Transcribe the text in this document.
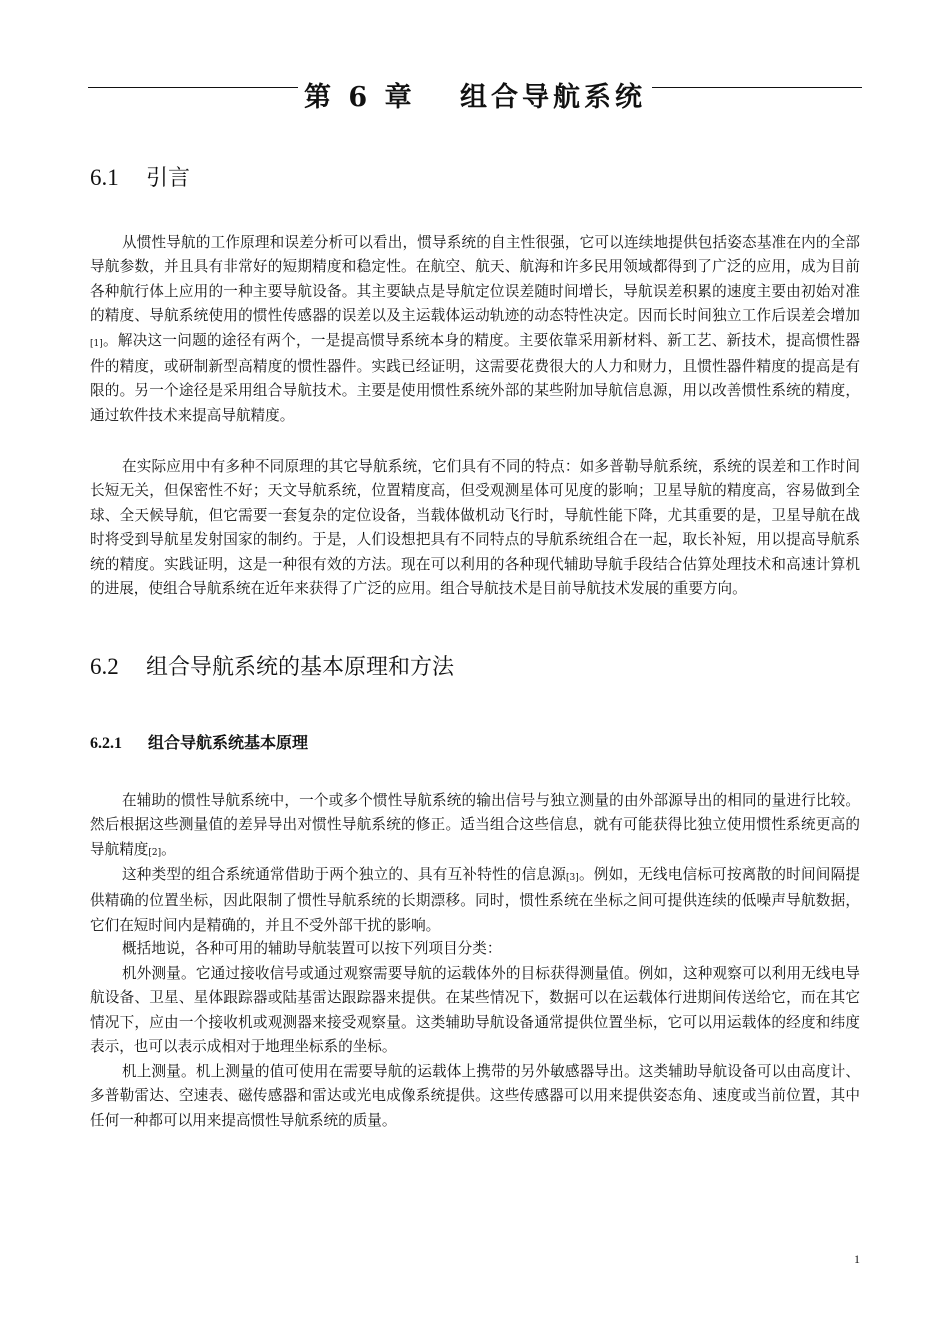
第 6 章　 组合导航系统
6.1 引言

从惯性导航的工作原理和误差分析可以看出，惯导系统的自主性很强，它可以连续地提供包括姿态基准在内的全部导航参数，并且具有非常好的短期精度和稳定性。在航空、航天、航海和许多民用领域都得到了广泛的应用，成为目前各种航行体上应用的一种主要导航设备。其主要缺点是导航定位误差随时间增长，导航误差积累的速度主要由初始对准的精度、导航系统使用的惯性传感器的误差以及主运载体运动轨迹的动态特性决定。因而长时间独立工作后误差会增加[1]。解决这一问题的途径有两个，一是提高惯导系统本身的精度。主要依靠采用新材料、新工艺、新技术，提高惯性器件的精度，或研制新型高精度的惯性器件。实践已经证明，这需要花费很大的人力和财力，且惯性器件精度的提高是有限的。另一个途径是采用组合导航技术。主要是使用惯性系统外部的某些附加导航信息源，用以改善惯性系统的精度，通过软件技术来提高导航精度。

在实际应用中有多种不同原理的其它导航系统，它们具有不同的特点：如多普勒导航系统，系统的误差和工作时间长短无关，但保密性不好；天文导航系统，位置精度高，但受观测星体可见度的影响；卫星导航的精度高，容易做到全球、全天候导航，但它需要一套复杂的定位设备，当载体做机动飞行时，导航性能下降，尤其重要的是，卫星导航在战时将受到导航星发射国家的制约。于是，人们设想把具有不同特点的导航系统组合在一起，取长补短，用以提高导航系统的精度。实践证明，这是一种很有效的方法。现在可以利用的各种现代辅助导航手段结合估算处理技术和高速计算机的进展，使组合导航系统在近年来获得了广泛的应用。组合导航技术是目前导航技术发展的重要方向。

6.2 组合导航系统的基本原理和方法
6.2.1 组合导航系统基本原理

在辅助的惯性导航系统中，一个或多个惯性导航系统的输出信号与独立测量的由外部源导出的相同的量进行比较。然后根据这些测量值的差异导出对惯性导航系统的修正。适当组合这些信息，就有可能获得比独立使用惯性系统更高的导航精度[2]。

这种类型的组合系统通常借助于两个独立的、具有互补特性的信息源[3]。例如，无线电信标可按离散的时间间隔提供精确的位置坐标，因此限制了惯性导航系统的长期漂移。同时，惯性系统在坐标之间可提供连续的低噪声导航数据，它们在短时间内是精确的，并且不受外部干扰的影响。

概括地说，各种可用的辅助导航装置可以按下列项目分类：

机外测量。它通过接收信号或通过观察需要导航的运载体外的目标获得测量值。例如，这种观察可以利用无线电导航设备、卫星、星体跟踪器或陆基雷达跟踪器来提供。在某些情况下，数据可以在运载体行进期间传送给它，而在其它情况下，应由一个接收机或观测器来接受观察量。这类辅助导航设备通常提供位置坐标，它可以用运载体的经度和纬度表示，也可以表示成相对于地理坐标系的坐标。

机上测量。机上测量的值可使用在需要导航的运载体上携带的另外敏感器导出。这类辅助导航设备可以由高度计、多普勒雷达、空速表、磁传感器和雷达或光电成像系统提供。这些传感器可以用来提供姿态角、速度或当前位置，其中任何一种都可以用来提高惯性导航系统的质量。

1
